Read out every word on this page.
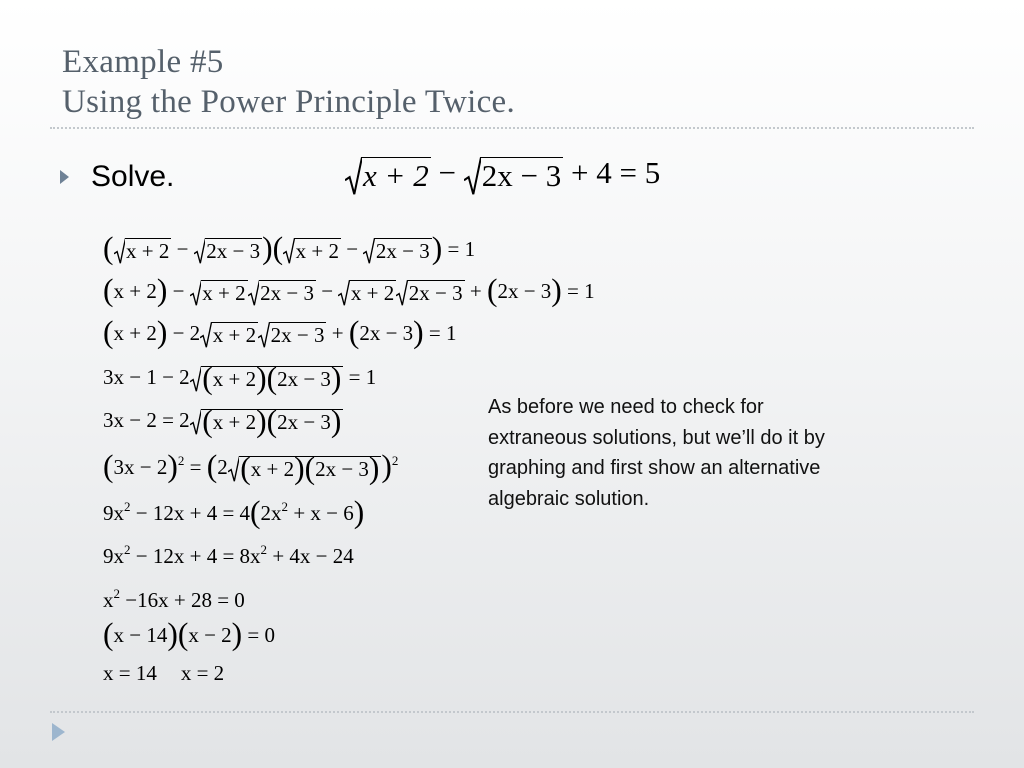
Example #5
Using the Power Principle Twice.
Solve.	x + 2 − 2x − 3 + 4 = 5
( x + 2 − 2x − 3 )( x + 2 − 2x − 3 ) = 1
(x + 2) − x + 2 2x − 3 − x + 2 2x − 3 + (2x − 3) = 1
(x + 2) − 2 x + 2 2x − 3 + (2x − 3) = 1
3x − 1 − 2 (x + 2)(2x − 3) = 1
3x − 2 = 2 (x + 2)(2x − 3)
$(3x - 2)^2 = (2$ (x + 2)(2x − 3) )$^2$
$9x^2 - 12x + 4 = 4(2x^2 + x - 6)$
$9x^2 - 12x + 4 = 8x^2 + 4x - 24$
$x^2 -16x + 28 = 0$
(x − 14)(x − 2) = 0
x = 14 x = 2
As before we need to check for extraneous solutions, but we’ll do it by graphing and first show an alternative algebraic solution.
